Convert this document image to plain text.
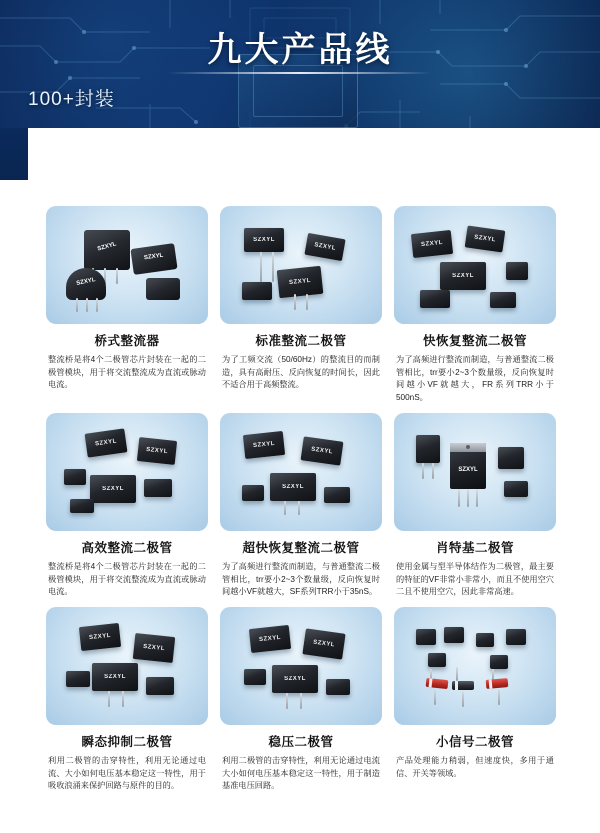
九大产品线
100+封装
SZXYL
SZXYL
SZXYL
桥式整流器
整流桥是将4个二极管芯片封装在一起的二极管模块，用于将交流整流成为直流或脉动电流。
SZXYL
SZXYL
SZXYL
标准整流二极管
为了工频交流（50/60Hz）的整流目的而制造，具有高耐压、反向恢复的时间长，因此不适合用于高频整流。
SZXYL
SZXYL
SZXYL
快恢复整流二极管
为了高频进行整流而制造，与普通整流二极管相比，trr要小2~3个数量级，反向恢复时间越小VF就越大，FR系列TRR小于500nS。
SZXYL
SZXYL
SZXYL
高效整流二极管
整流桥是将4个二极管芯片封装在一起的二极管模块，用于将交流整流成为直流或脉动电流。
SZXYL
SZXYL
SZXYL
超快恢复整流二极管
为了高频进行整流而制造，与普通整流二极管相比，trr要小2~3个数量级，反向恢复时间越小VF就越大，SF系列TRR小于35nS。
SZXYL
肖特基二极管
使用金属与型半导体结作为二极管，最主要的特征的VF非常小非常小，而且不使用空穴二且不使用空穴，因此非常高速。
SZXYL
SZXYL
SZXYL
瞬态抑制二极管
利用二极管的击穿特性，利用无论通过电流、大小如何电压基本稳定这一特性，用于吸收浪涌来保护回路与原件的目的。
SZXYL
SZXYL
SZXYL
稳压二极管
利用二极管的击穿特性，利用无论通过电流大小如何电压基本稳定这一特性，用于制造基准电压回路。
小信号二极管
产品处理能力稍弱，但速度快，多用于通信、开关等领域。
